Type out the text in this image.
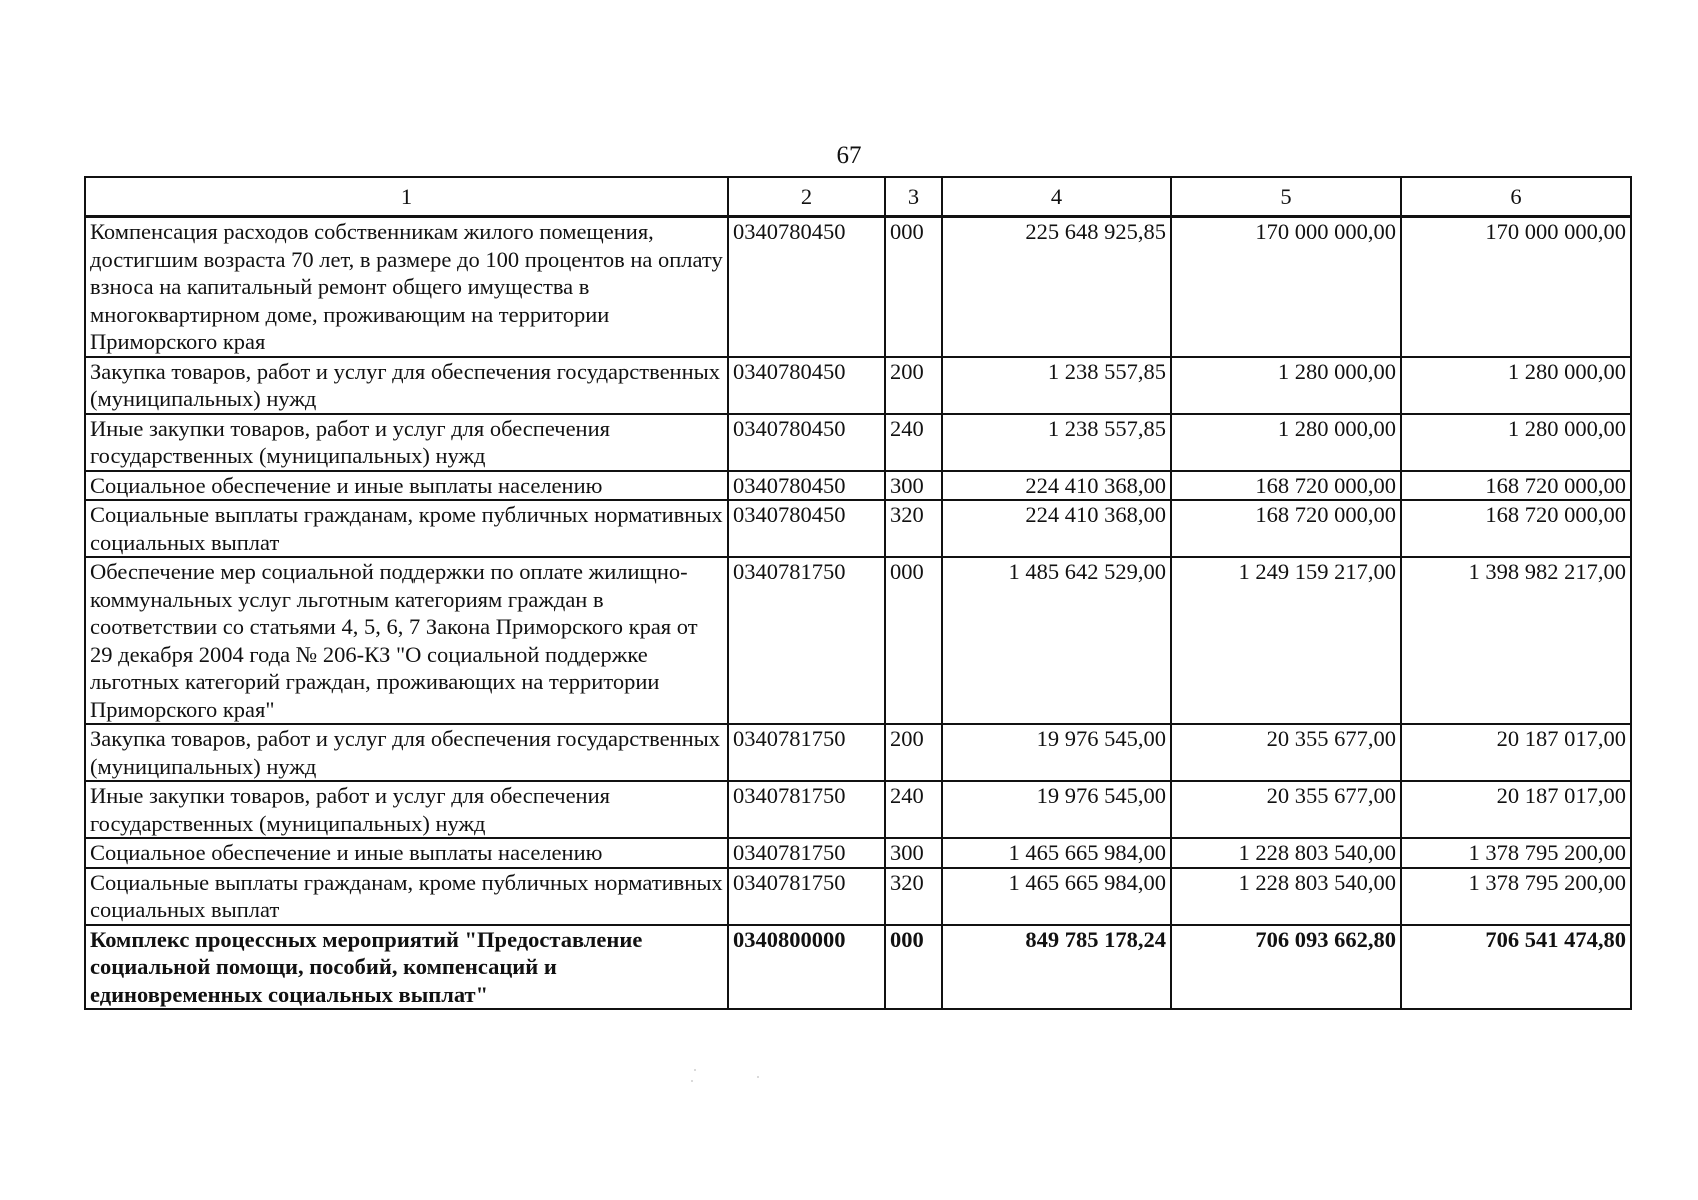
67
1	2	3	4	5	6
Компенсация расходов собственникам жилого помещения, достигшим возраста 70 лет, в размере до 100 процентов на оплату взноса на капитальный ремонт общего имущества в многоквартирном доме, проживающим на территории Приморского края	0340780450	000	225 648 925,85	170 000 000,00	170 000 000,00
Закупка товаров, работ и услуг для обеспечения государственных (муниципальных) нужд	0340780450	200	1 238 557,85	1 280 000,00	1 280 000,00
Иные закупки товаров, работ и услуг для обеспечения государственных (муниципальных) нужд	0340780450	240	1 238 557,85	1 280 000,00	1 280 000,00
Социальное обеспечение и иные выплаты населению	0340780450	300	224 410 368,00	168 720 000,00	168 720 000,00
Социальные выплаты гражданам, кроме публичных нормативных социальных выплат	0340780450	320	224 410 368,00	168 720 000,00	168 720 000,00
Обеспечение мер социальной поддержки по оплате жилищно-коммунальных услуг льготным категориям граждан в соответствии со статьями 4, 5, 6, 7 Закона Приморского края от 29 декабря 2004 года № 206-КЗ "О социальной поддержке льготных категорий граждан, проживающих на территории Приморского края"	0340781750	000	1 485 642 529,00	1 249 159 217,00	1 398 982 217,00
Закупка товаров, работ и услуг для обеспечения государственных (муниципальных) нужд	0340781750	200	19 976 545,00	20 355 677,00	20 187 017,00
Иные закупки товаров, работ и услуг для обеспечения государственных (муниципальных) нужд	0340781750	240	19 976 545,00	20 355 677,00	20 187 017,00
Социальное обеспечение и иные выплаты населению	0340781750	300	1 465 665 984,00	1 228 803 540,00	1 378 795 200,00
Социальные выплаты гражданам, кроме публичных нормативных социальных выплат	0340781750	320	1 465 665 984,00	1 228 803 540,00	1 378 795 200,00
Комплекс процессных мероприятий "Предоставление социальной помощи, пособий, компенсаций и единовременных социальных выплат"	0340800000	000	849 785 178,24	706 093 662,80	706 541 474,80
